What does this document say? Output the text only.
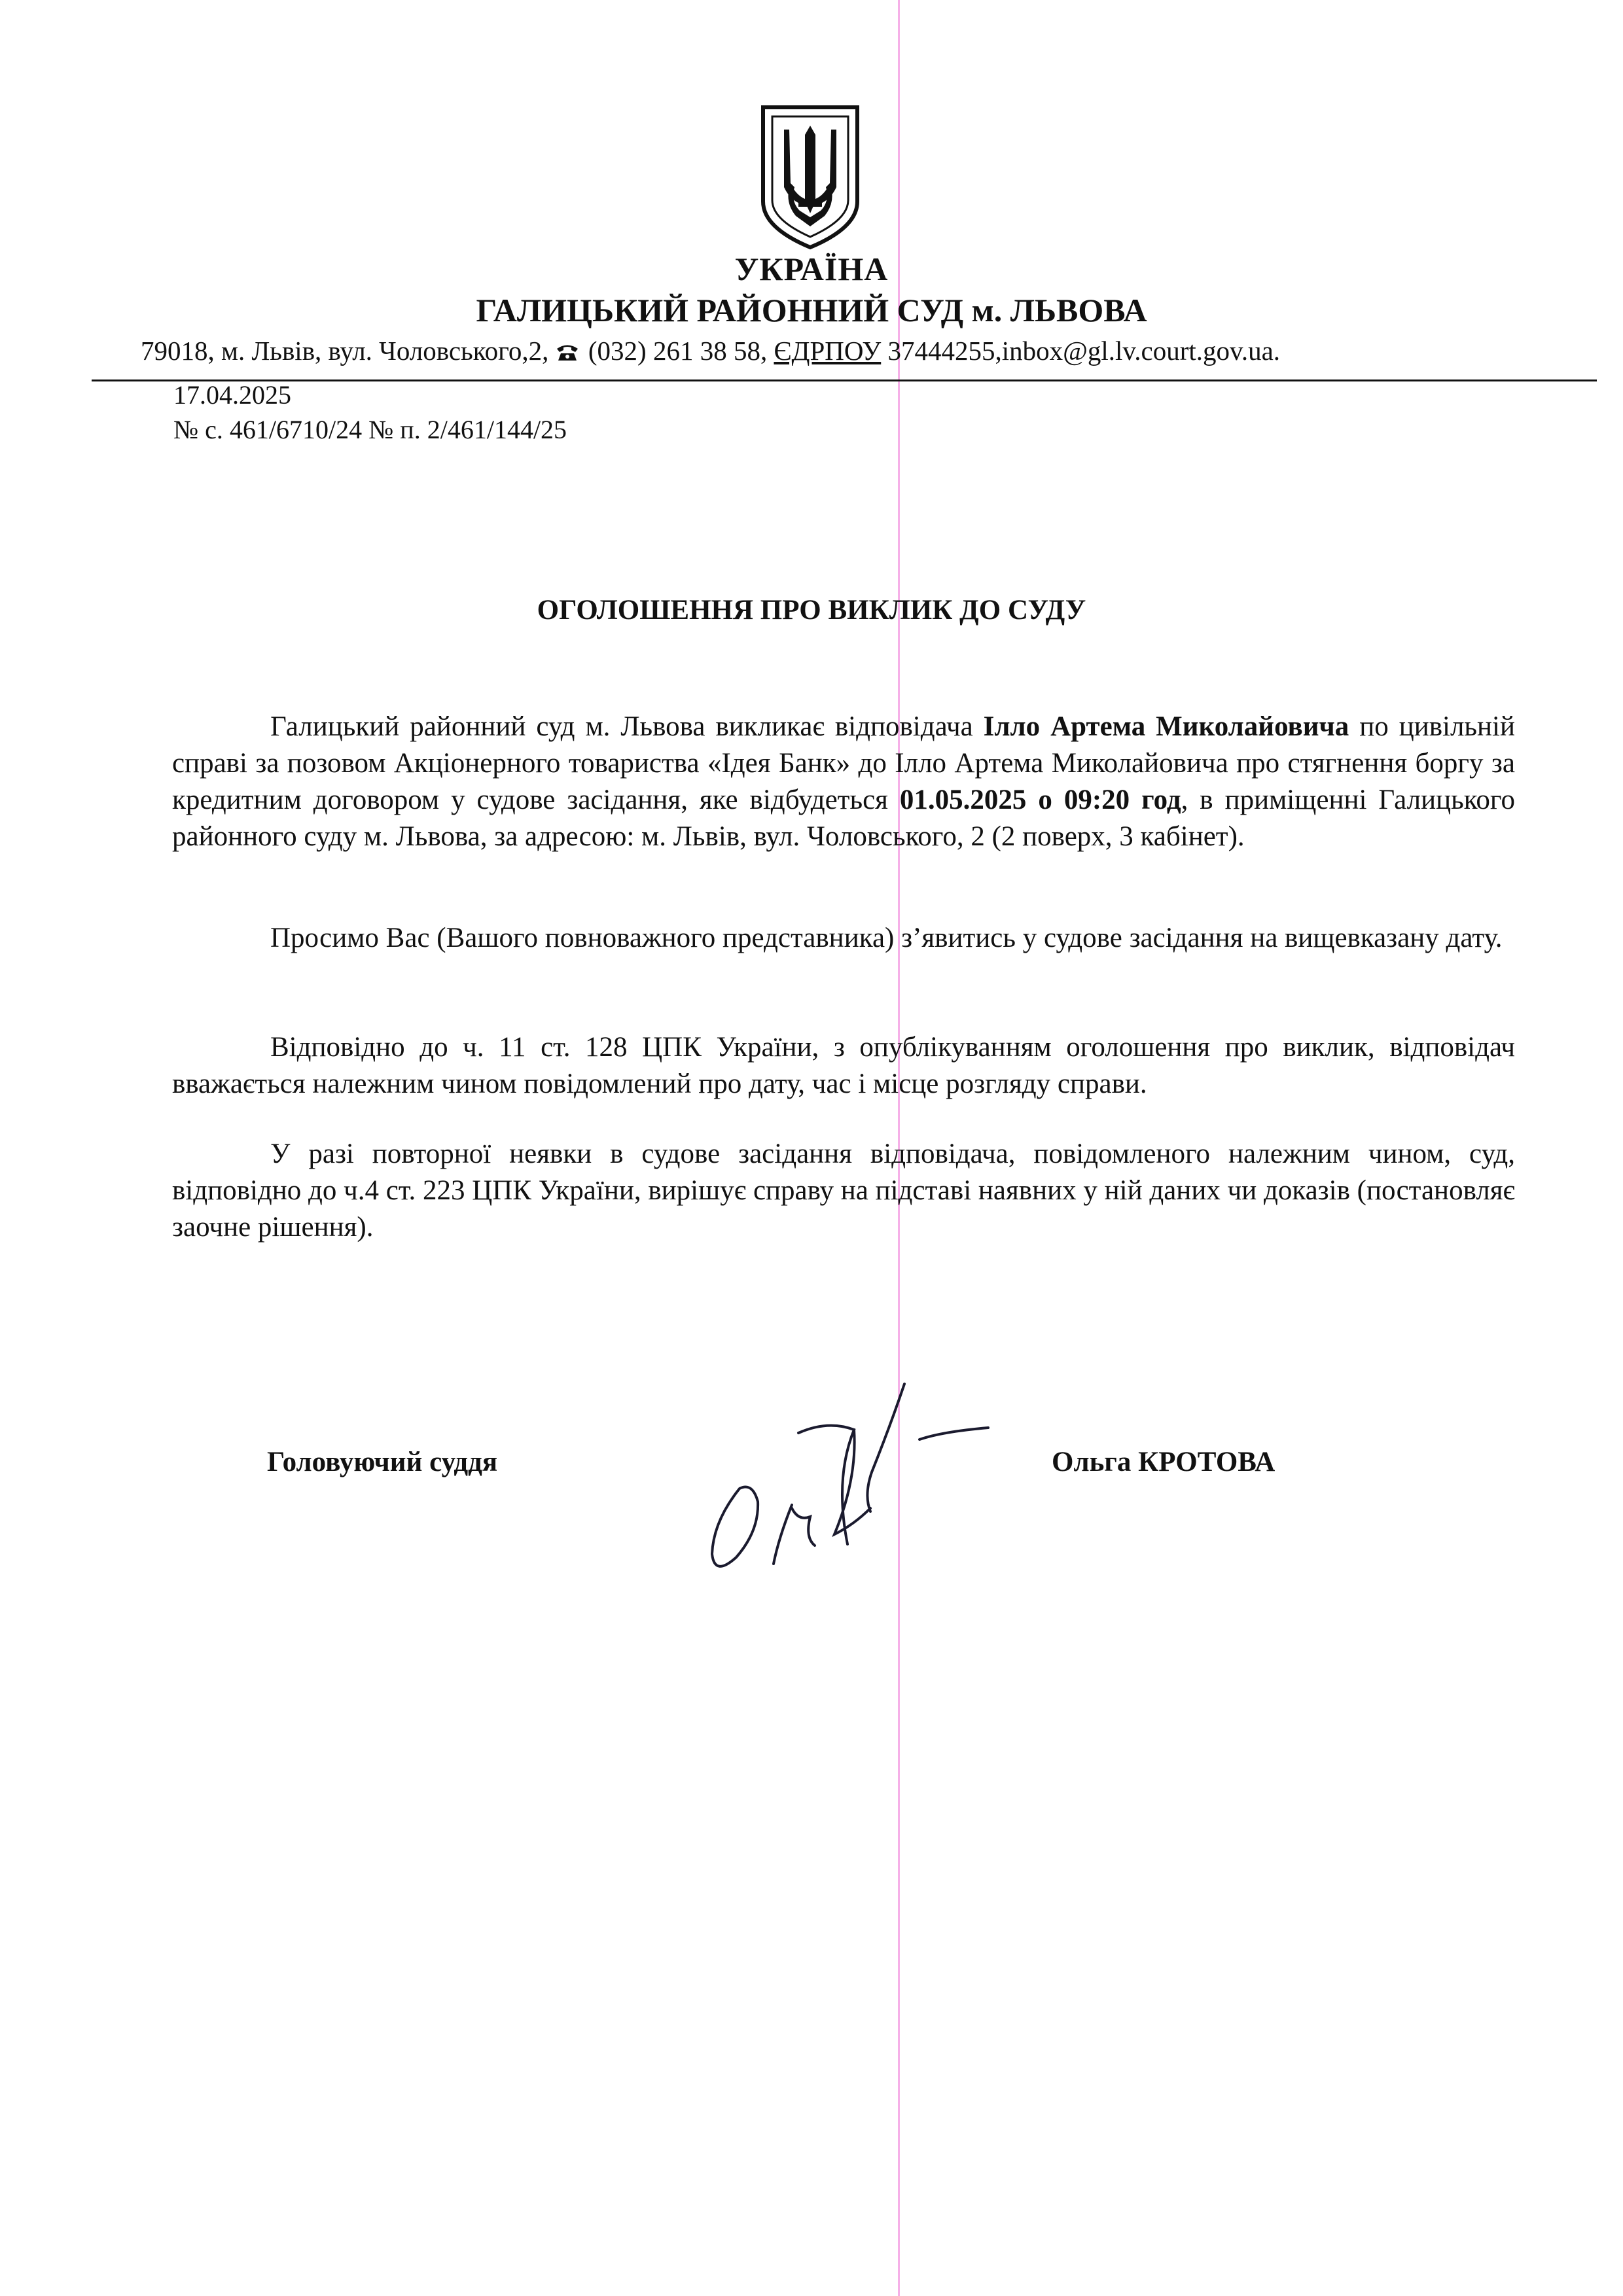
УКРАЇНА
ГАЛИЦЬКИЙ РАЙОННИЙ СУД м. ЛЬВОВА
79018, м. Львів, вул. Чоловського,2, (032) 261 38 58, ЄДРПОУ 37444255,inbox@gl.lv.court.gov.ua.
17.04.2025
№ с. 461/6710/24 № п. 2/461/144/25
ОГОЛОШЕННЯ ПРО ВИКЛИК ДО СУДУ

Галицький районний суд м. Львова викликає відповідача Ілло Артема Миколайовича по цивільній справі за позовом Акціонерного товариства «Ідея Банк» до Ілло Артема Миколайовича про стягнення боргу за кредитним договором у судове засідання, яке відбудеться 01.05.2025 о 09:20 год, в приміщенні Галицького районного суду м. Львова, за адресою: м. Львів, вул. Чоловського, 2 (2 поверх, 3 кабінет).

Просимо Вас (Вашого повноважного представника) з’явитись у судове засідання на вищевказану дату.

Відповідно до ч. 11 ст. 128 ЦПК України, з опублікуванням оголошення про виклик, відповідач вважається належним чином повідомлений про дату, час і місце розгляду справи.

У разі повторної неявки в судове засідання відповідача, повідомленого належним чином, суд, відповідно до ч.4 ст. 223 ЦПК України, вирішує справу на підставі наявних у ній даних чи доказів (постановляє заочне рішення).

Головуючий суддя	Ольга КРОТОВА
